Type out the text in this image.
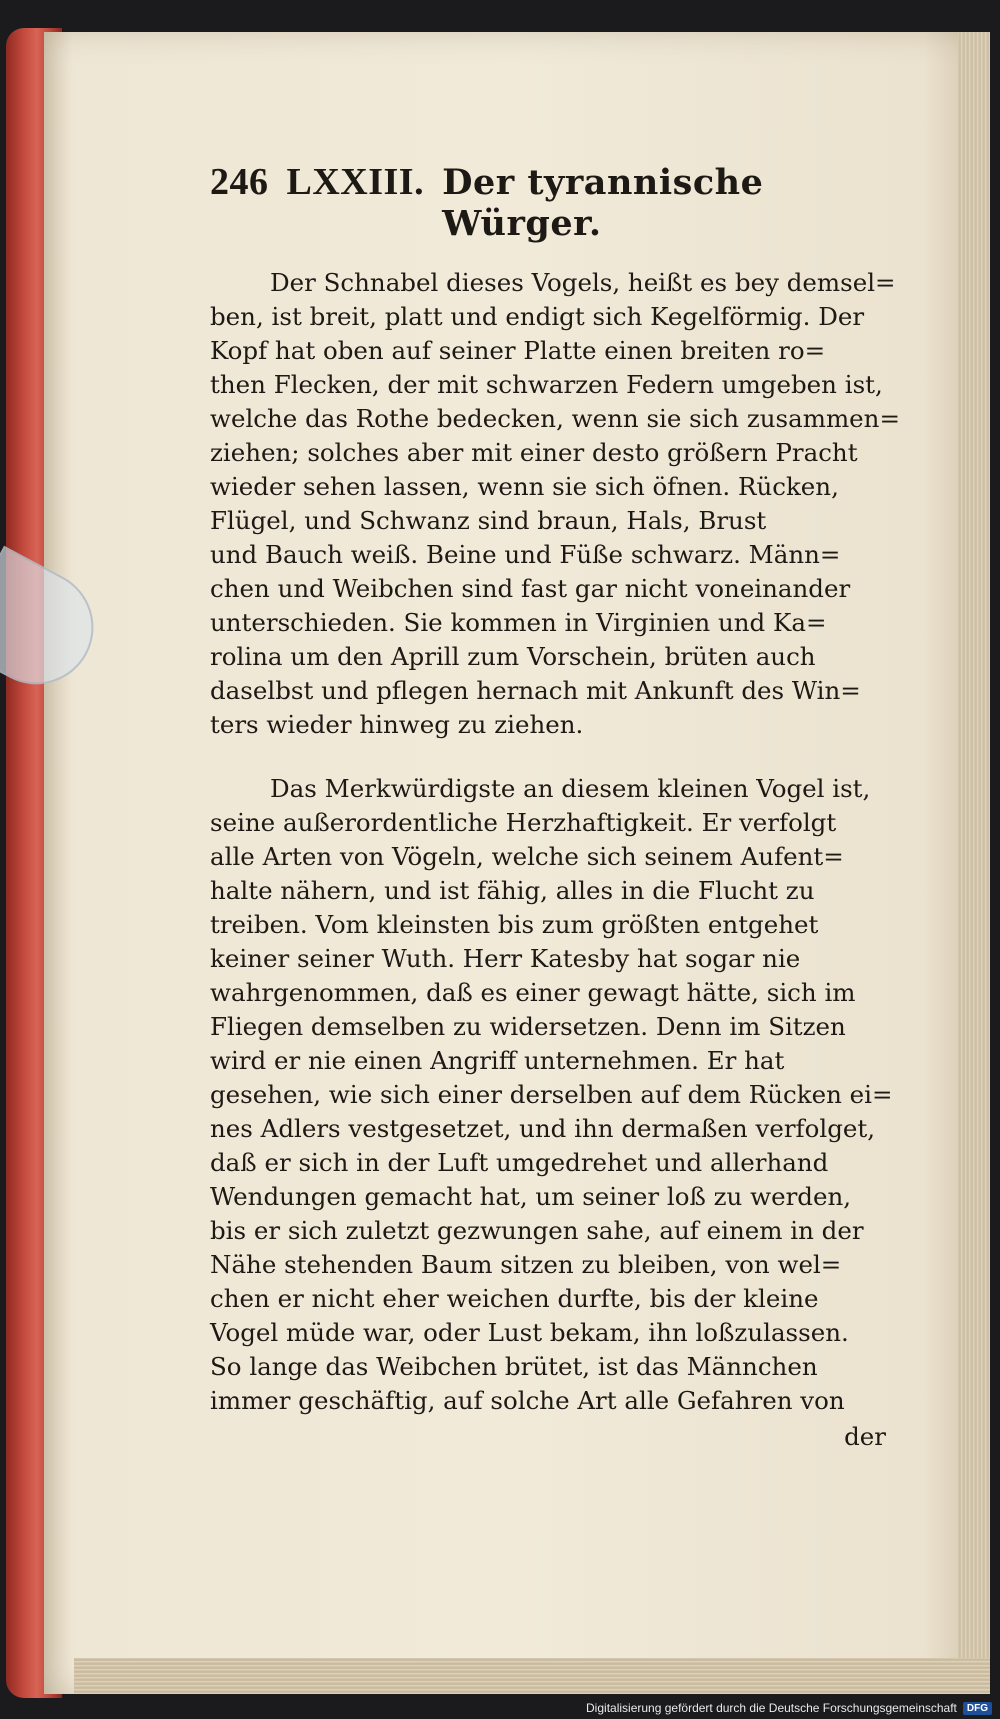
246 LXXIII. Der tyrannische Würger.

Der Schnabel dieses Vogels, heißt es bey demsel=
ben, ist breit, platt und endigt sich Kegelförmig. Der
Kopf hat oben auf seiner Platte einen breiten ro=
then Flecken, der mit schwarzen Federn umgeben ist,
welche das Rothe bedecken, wenn sie sich zusammen=
ziehen; solches aber mit einer desto größern Pracht
wieder sehen lassen, wenn sie sich öfnen. Rücken,
Flügel, und Schwanz sind braun, Hals, Brust
und Bauch weiß. Beine und Füße schwarz. Männ=
chen und Weibchen sind fast gar nicht voneinander
unterschieden. Sie kommen in Virginien und Ka=
rolina um den Aprill zum Vorschein, brüten auch
daselbst und pflegen hernach mit Ankunft des Win=
ters wieder hinweg zu ziehen.

Das Merkwürdigste an diesem kleinen Vogel ist,
seine außerordentliche Herzhaftigkeit. Er verfolgt
alle Arten von Vögeln, welche sich seinem Aufent=
halte nähern, und ist fähig, alles in die Flucht zu
treiben. Vom kleinsten bis zum größten entgehet
keiner seiner Wuth. Herr Katesby hat sogar nie
wahrgenommen, daß es einer gewagt hätte, sich im
Fliegen demselben zu widersetzen. Denn im Sitzen
wird er nie einen Angriff unternehmen. Er hat
gesehen, wie sich einer derselben auf dem Rücken ei=
nes Adlers vestgesetzet, und ihn dermaßen verfolget,
daß er sich in der Luft umgedrehet und allerhand
Wendungen gemacht hat, um seiner loß zu werden,
bis er sich zuletzt gezwungen sahe, auf einem in der
Nähe stehenden Baum sitzen zu bleiben, von wel=
chen er nicht eher weichen durfte, bis der kleine
Vogel müde war, oder Lust bekam, ihn loßzulassen.
So lange das Weibchen brütet, ist das Männchen
immer geschäftig, auf solche Art alle Gefahren von

der
Digitalisierung gefördert durch die Deutsche Forschungsgemeinschaft	DFG
